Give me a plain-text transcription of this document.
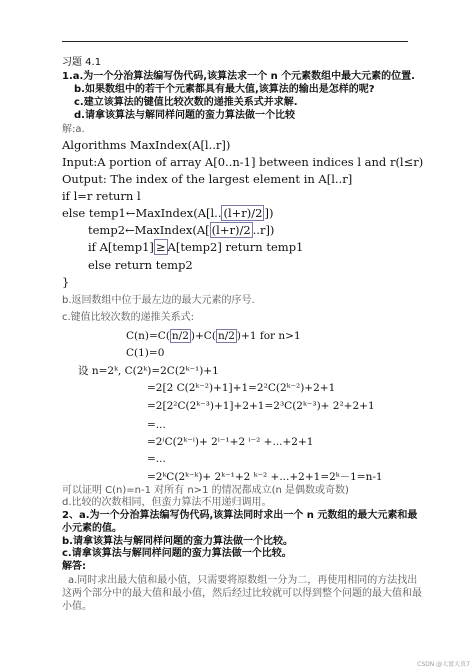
习题 4.1
1.a.为一个分治算法编写伪代码,该算法求一个 n 个元素数组中最大元素的位置.
b.如果数组中的若干个元素都具有最大值,该算法的输出是怎样的呢?
c.建立该算法的键值比较次数的递推关系式并求解.
d.请拿该算法与解同样问题的蛮力算法做一个比较
解:a.
Algorithms MaxIndex(A[l..r])
Input:A portion of array A[0..n-1] between indices l and r(l≤r)
Output: The index of the largest element in A[l..r]
if l=r return l
else temp1←MaxIndex(A[l.. (l+r)/2 ])
temp2←MaxIndex(A[ (l+r)/2 ..r])
if A[temp1] ≥ A[temp2] return temp1
else return temp2
}
b.返回数组中位于最左边的最大元素的序号.
c.键值比较次数的递推关系式:
C(n)=C( n/2 )+C( n/2 )+1 for n>1
C(1)=0
设 n=2ᵏ, C(2ᵏ)=2C(2ᵏ⁻¹)+1
=2[2 C(2ᵏ⁻²)+1]+1=2²C(2ᵏ⁻²)+2+1
=2[2²C(2ᵏ⁻³)+1]+2+1=2³C(2ᵏ⁻³)+ 2²+2+1
=...
=2ⁱC(2ᵏ⁻ⁱ)+ 2ⁱ⁻¹+2 ⁱ⁻² +...+2+1
=...
=2ᵏC(2ᵏ⁻ᵏ)+ 2ᵏ⁻¹+2 ᵏ⁻² +...+2+1=2ᵏ－1=n-1
可以证明 C(n)=n-1 对所有 n>1 的情况都成立(n 是偶数或奇数)
d.比较的次数相同，但蛮力算法不用递归调用。
2、a.为一个分治算法编写伪代码,该算法同时求出一个 n 元数组的最大元素和最
小元素的值。
b.请拿该算法与解同样问题的蛮力算法做一个比较。
c.请拿该算法与解同样问题的蛮力算法做一个比较。
解答:
a.同时求出最大值和最小值，只需要将原数组一分为二，再使用相同的方法找出
这两个部分中的最大值和最小值，然后经过比较就可以得到整个问题的最大值和最
小值。
CSDN @大富大贵7
